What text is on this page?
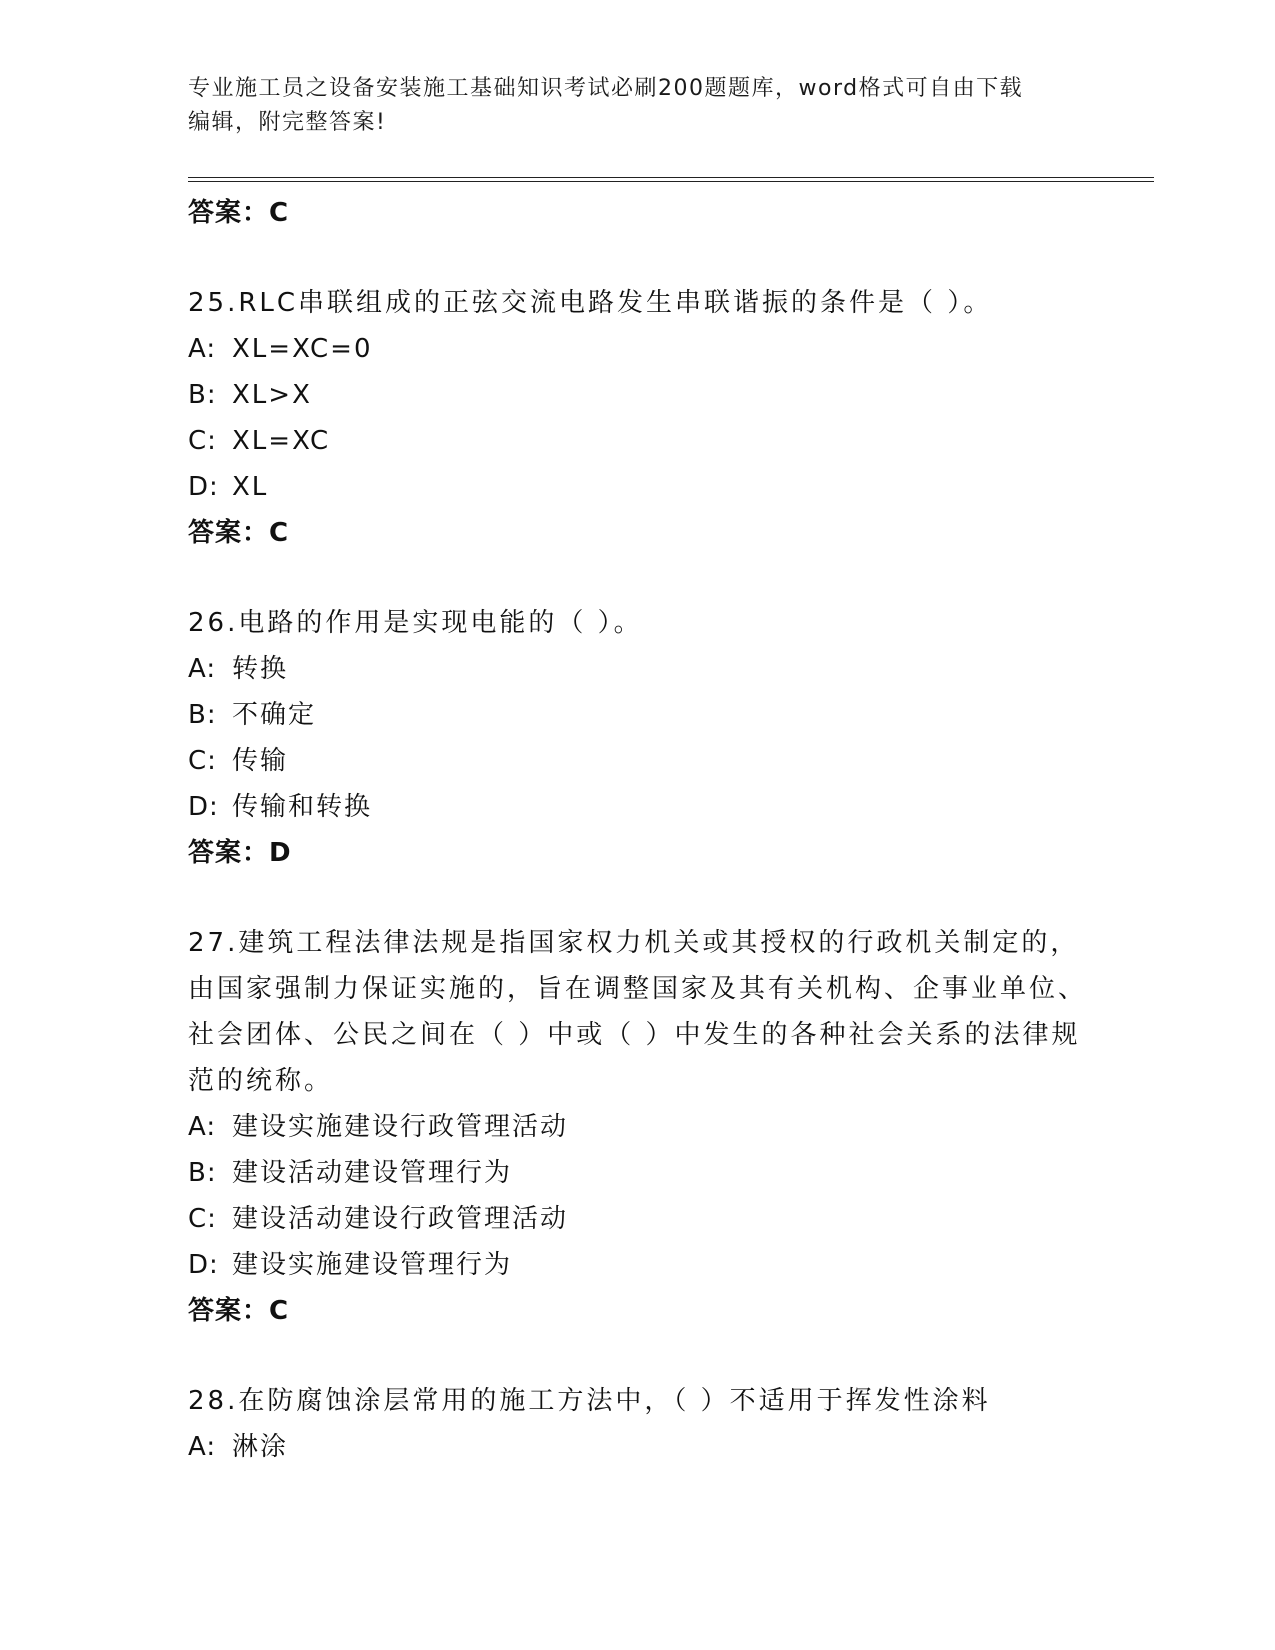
专业施工员之设备安装施工基础知识考试必刷200题题库，word格式可自由下载
编辑，附完整答案!
答案：C
25.RLC串联组成的正弦交流电路发生串联谐振的条件是（ ）。
A: XL=XC=0
B: XL>X
C: XL=XC
D: XL
答案：C
26.电路的作用是实现电能的（ ）。
A: 转换
B: 不确定
C: 传输
D: 传输和转换
答案：D
27.建筑工程法律法规是指国家权力机关或其授权的行政机关制定的，由国家强制力保证实施的，旨在调整国家及其有关机构、企事业单位、社会团体、公民之间在（ ）中或（ ）中发生的各种社会关系的法律规范的统称。
A: 建设实施建设行政管理活动
B: 建设活动建设管理行为
C: 建设活动建设行政管理活动
D: 建设实施建设管理行为
答案：C
28.在防腐蚀涂层常用的施工方法中，（ ）不适用于挥发性涂料
A: 淋涂
